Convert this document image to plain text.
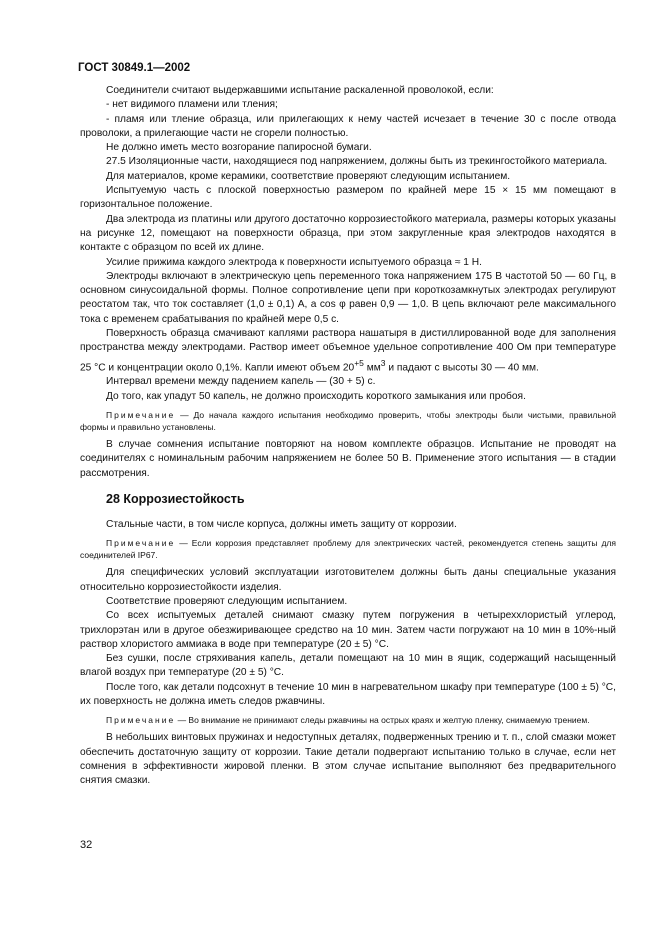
ГОСТ 30849.1—2002

Соединители считают выдержавшими испытание раскаленной проволокой, если:

- нет видимого пламени или тления;

- пламя или тление образца, или прилегающих к нему частей исчезает в течение 30 с после отвода проволоки, а прилегающие части не сгорели полностью.

Не должно иметь место возгорание папиросной бумаги.

27.5 Изоляционные части, находящиеся под напряжением, должны быть из трекингостойкого материала.

Для материалов, кроме керамики, соответствие проверяют следующим испытанием.

Испытуемую часть с плоской поверхностью размером по крайней мере 15 × 15 мм помещают в горизонтальное положение.

Два электрода из платины или другого достаточно коррозиестойкого материала, размеры которых указаны на рисунке 12, помещают на поверхности образца, при этом закругленные края электродов находятся в контакте с образцом по всей их длине.

Усилие прижима каждого электрода к поверхности испытуемого образца ≈ 1 Н.

Электроды включают в электрическую цепь переменного тока напряжением 175 В частотой 50 — 60 Гц, в основном синусоидальной формы. Полное сопротивление цепи при короткозамкнутых электродах регулируют реостатом так, что ток составляет (1,0 ± 0,1) А, а cos φ равен 0,9 — 1,0. В цепь включают реле максимального тока с временем срабатывания по крайней мере 0,5 с.

Поверхность образца смачивают каплями раствора нашатыря в дистиллированной воде для заполнения пространства между электродами. Раствор имеет объемное удельное сопротивление 400 Ом при температуре 25 °С и концентрации около 0,1%. Капли имеют объем $20^{+5}$ $мм^3$ и падают с высоты 30 — 40 мм.

Интервал времени между падением капель — (30 + 5) с.

До того, как упадут 50 капель, не должно происходить короткого замыкания или пробоя.

Примечание — До начала каждого испытания необходимо проверить, чтобы электроды были чистыми, правильной формы и правильно установлены.

В случае сомнения испытание повторяют на новом комплекте образцов. Испытание не проводят на соединителях с номинальным рабочим напряжением не более 50 В. Применение этого испытания — в стадии рассмотрения.

28 Коррозиестойкость

Стальные части, в том числе корпуса, должны иметь защиту от коррозии.

Примечание — Если коррозия представляет проблему для электрических частей, рекомендуется степень защиты для соединителей IP67.

Для специфических условий эксплуатации изготовителем должны быть даны специальные указания относительно коррозиестойкости изделия.

Соответствие проверяют следующим испытанием.

Со всех испытуемых деталей снимают смазку путем погружения в четыреххлористый углерод, трихлорэтан или в другое обезжиривающее средство на 10 мин. Затем части погружают на 10 мин в 10%-ный раствор хлористого аммиака в воде при температуре (20 ± 5) °С.

Без сушки, после стряхивания капель, детали помещают на 10 мин в ящик, содержащий насыщенный влагой воздух при температуре (20 ± 5) °С.

После того, как детали подсохнут в течение 10 мин в нагревательном шкафу при температуре (100 ± 5) °С, их поверхность не должна иметь следов ржавчины.

Примечание — Во внимание не принимают следы ржавчины на острых краях и желтую пленку, снимаемую трением.

В небольших винтовых пружинах и недоступных деталях, подверженных трению и т. п., слой смазки может обеспечить достаточную защиту от коррозии. Такие детали подвергают испытанию только в случае, если нет сомнения в эффективности жировой пленки. В этом случае испытание выполняют без предварительного снятия смазки.

32
